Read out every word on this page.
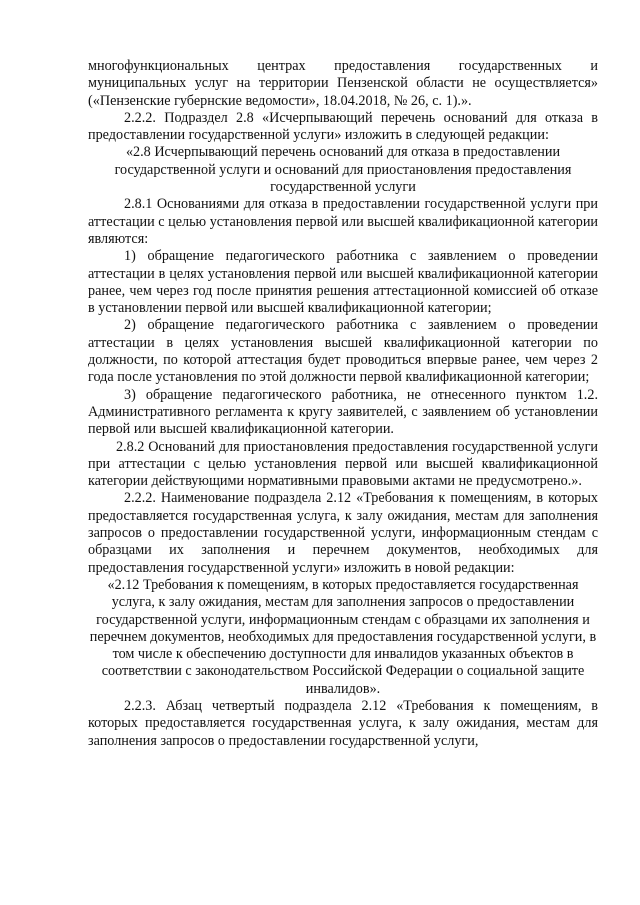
многофункциональных центрах предоставления государственных и муниципальных услуг на территории Пензенской области не осуществляется» («Пензенские губернские ведомости», 18.04.2018, № 26, с. 1).».

2.2.2. Подраздел 2.8 «Исчерпывающий перечень оснований для отказа в предоставлении государственной услуги» изложить в следующей редакции:

«2.8 Исчерпывающий перечень оснований для отказа в предоставлении государственной услуги и оснований для приостановления предоставления государственной услуги

2.8.1 Основаниями для отказа в предоставлении государственной услуги при аттестации с целью установления первой или высшей квалификационной категории являются:

1) обращение педагогического работника с заявлением о проведении аттестации в целях установления первой или высшей квалификационной категории ранее, чем через год после принятия решения аттестационной комиссией об отказе в установлении первой или высшей квалификационной категории;

2) обращение педагогического работника с заявлением о проведении аттестации в целях установления высшей квалификационной категории по должности, по которой аттестация будет проводиться впервые ранее, чем через 2 года после установления по этой должности первой квалификационной категории;

3) обращение педагогического работника, не отнесенного пунктом 1.2. Административного регламента к кругу заявителей, с заявлением об установлении первой или высшей квалификационной категории.

2.8.2 Оснований для приостановления предоставления государственной услуги при аттестации с целью установления первой или высшей квалификационной категории действующими нормативными правовыми актами не предусмотрено.».

2.2.2. Наименование подраздела 2.12 «Требования к помещениям, в которых предоставляется государственная услуга, к залу ожидания, местам для заполнения запросов о предоставлении государственной услуги, информационным стендам с образцами их заполнения и перечнем документов, необходимых для предоставления государственной услуги» изложить в новой редакции:

«2.12 Требования к помещениям, в которых предоставляется государственная услуга, к залу ожидания, местам для заполнения запросов о предоставлении государственной услуги, информационным стендам с образцами их заполнения и перечнем документов, необходимых для предоставления государственной услуги, в том числе к обеспечению доступности для инвалидов указанных объектов в соответствии с законодательством Российской Федерации о социальной защите инвалидов».

2.2.3. Абзац четвертый подраздела 2.12 «Требования к помещениям, в которых предоставляется государственная услуга, к залу ожидания, местам для заполнения запросов о предоставлении государственной услуги,
